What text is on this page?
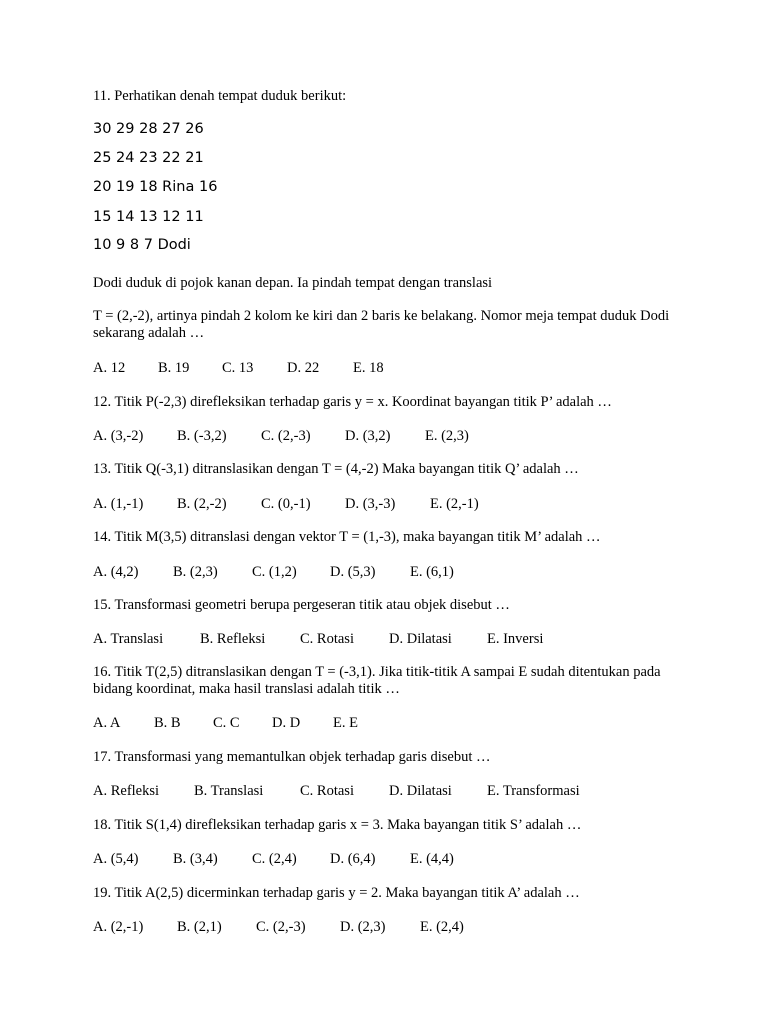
11. Perhatikan denah tempat duduk berikut:

30 29 28 27 26

25 24 23 22 21

20 19 18 Rina 16

15 14 13 12 11

10 9 8 7 Dodi

Dodi duduk di pojok kanan depan. Ia pindah tempat dengan translasi

T = (2,-2), artinya pindah 2 kolom ke kiri dan 2 baris ke belakang. Nomor meja tempat duduk Dodi sekarang adalah …

A. 12	B. 19	C. 13	D. 22	E. 18

12. Titik P(-2,3) direfleksikan terhadap garis y = x. Koordinat bayangan titik P’ adalah …

A. (3,-2)	B. (-3,2)	C. (2,-3)	D. (3,2)	E. (2,3)

13. Titik Q(-3,1) ditranslasikan dengan T = (4,-2) Maka bayangan titik Q’ adalah …

A. (1,-1)	B. (2,-2)	C. (0,-1)	D. (3,-3)	E. (2,-1)

14. Titik M(3,5) ditranslasi dengan vektor T = (1,-3), maka bayangan titik M’ adalah …

A. (4,2)	B. (2,3)	C. (1,2)	D. (5,3)	E. (6,1)

15. Transformasi geometri berupa pergeseran titik atau objek disebut …

A. Translasi	B. Refleksi	C. Rotasi	D. Dilatasi	E. Inversi

16. Titik T(2,5) ditranslasikan dengan T = (-3,1). Jika titik-titik A sampai E sudah ditentukan pada bidang koordinat, maka hasil translasi adalah titik …

A. A	B. B	C. C	D. D	E. E

17. Transformasi yang memantulkan objek terhadap garis disebut …

A. Refleksi	B. Translasi	C. Rotasi	D. Dilatasi	E. Transformasi

18. Titik S(1,4) direfleksikan terhadap garis x = 3. Maka bayangan titik S’ adalah …

A. (5,4)	B. (3,4)	C. (2,4)	D. (6,4)	E. (4,4)

19. Titik A(2,5) dicerminkan terhadap garis y = 2. Maka bayangan titik A’ adalah …

A. (2,-1)	B. (2,1)	C. (2,-3)	D. (2,3)	E. (2,4)
